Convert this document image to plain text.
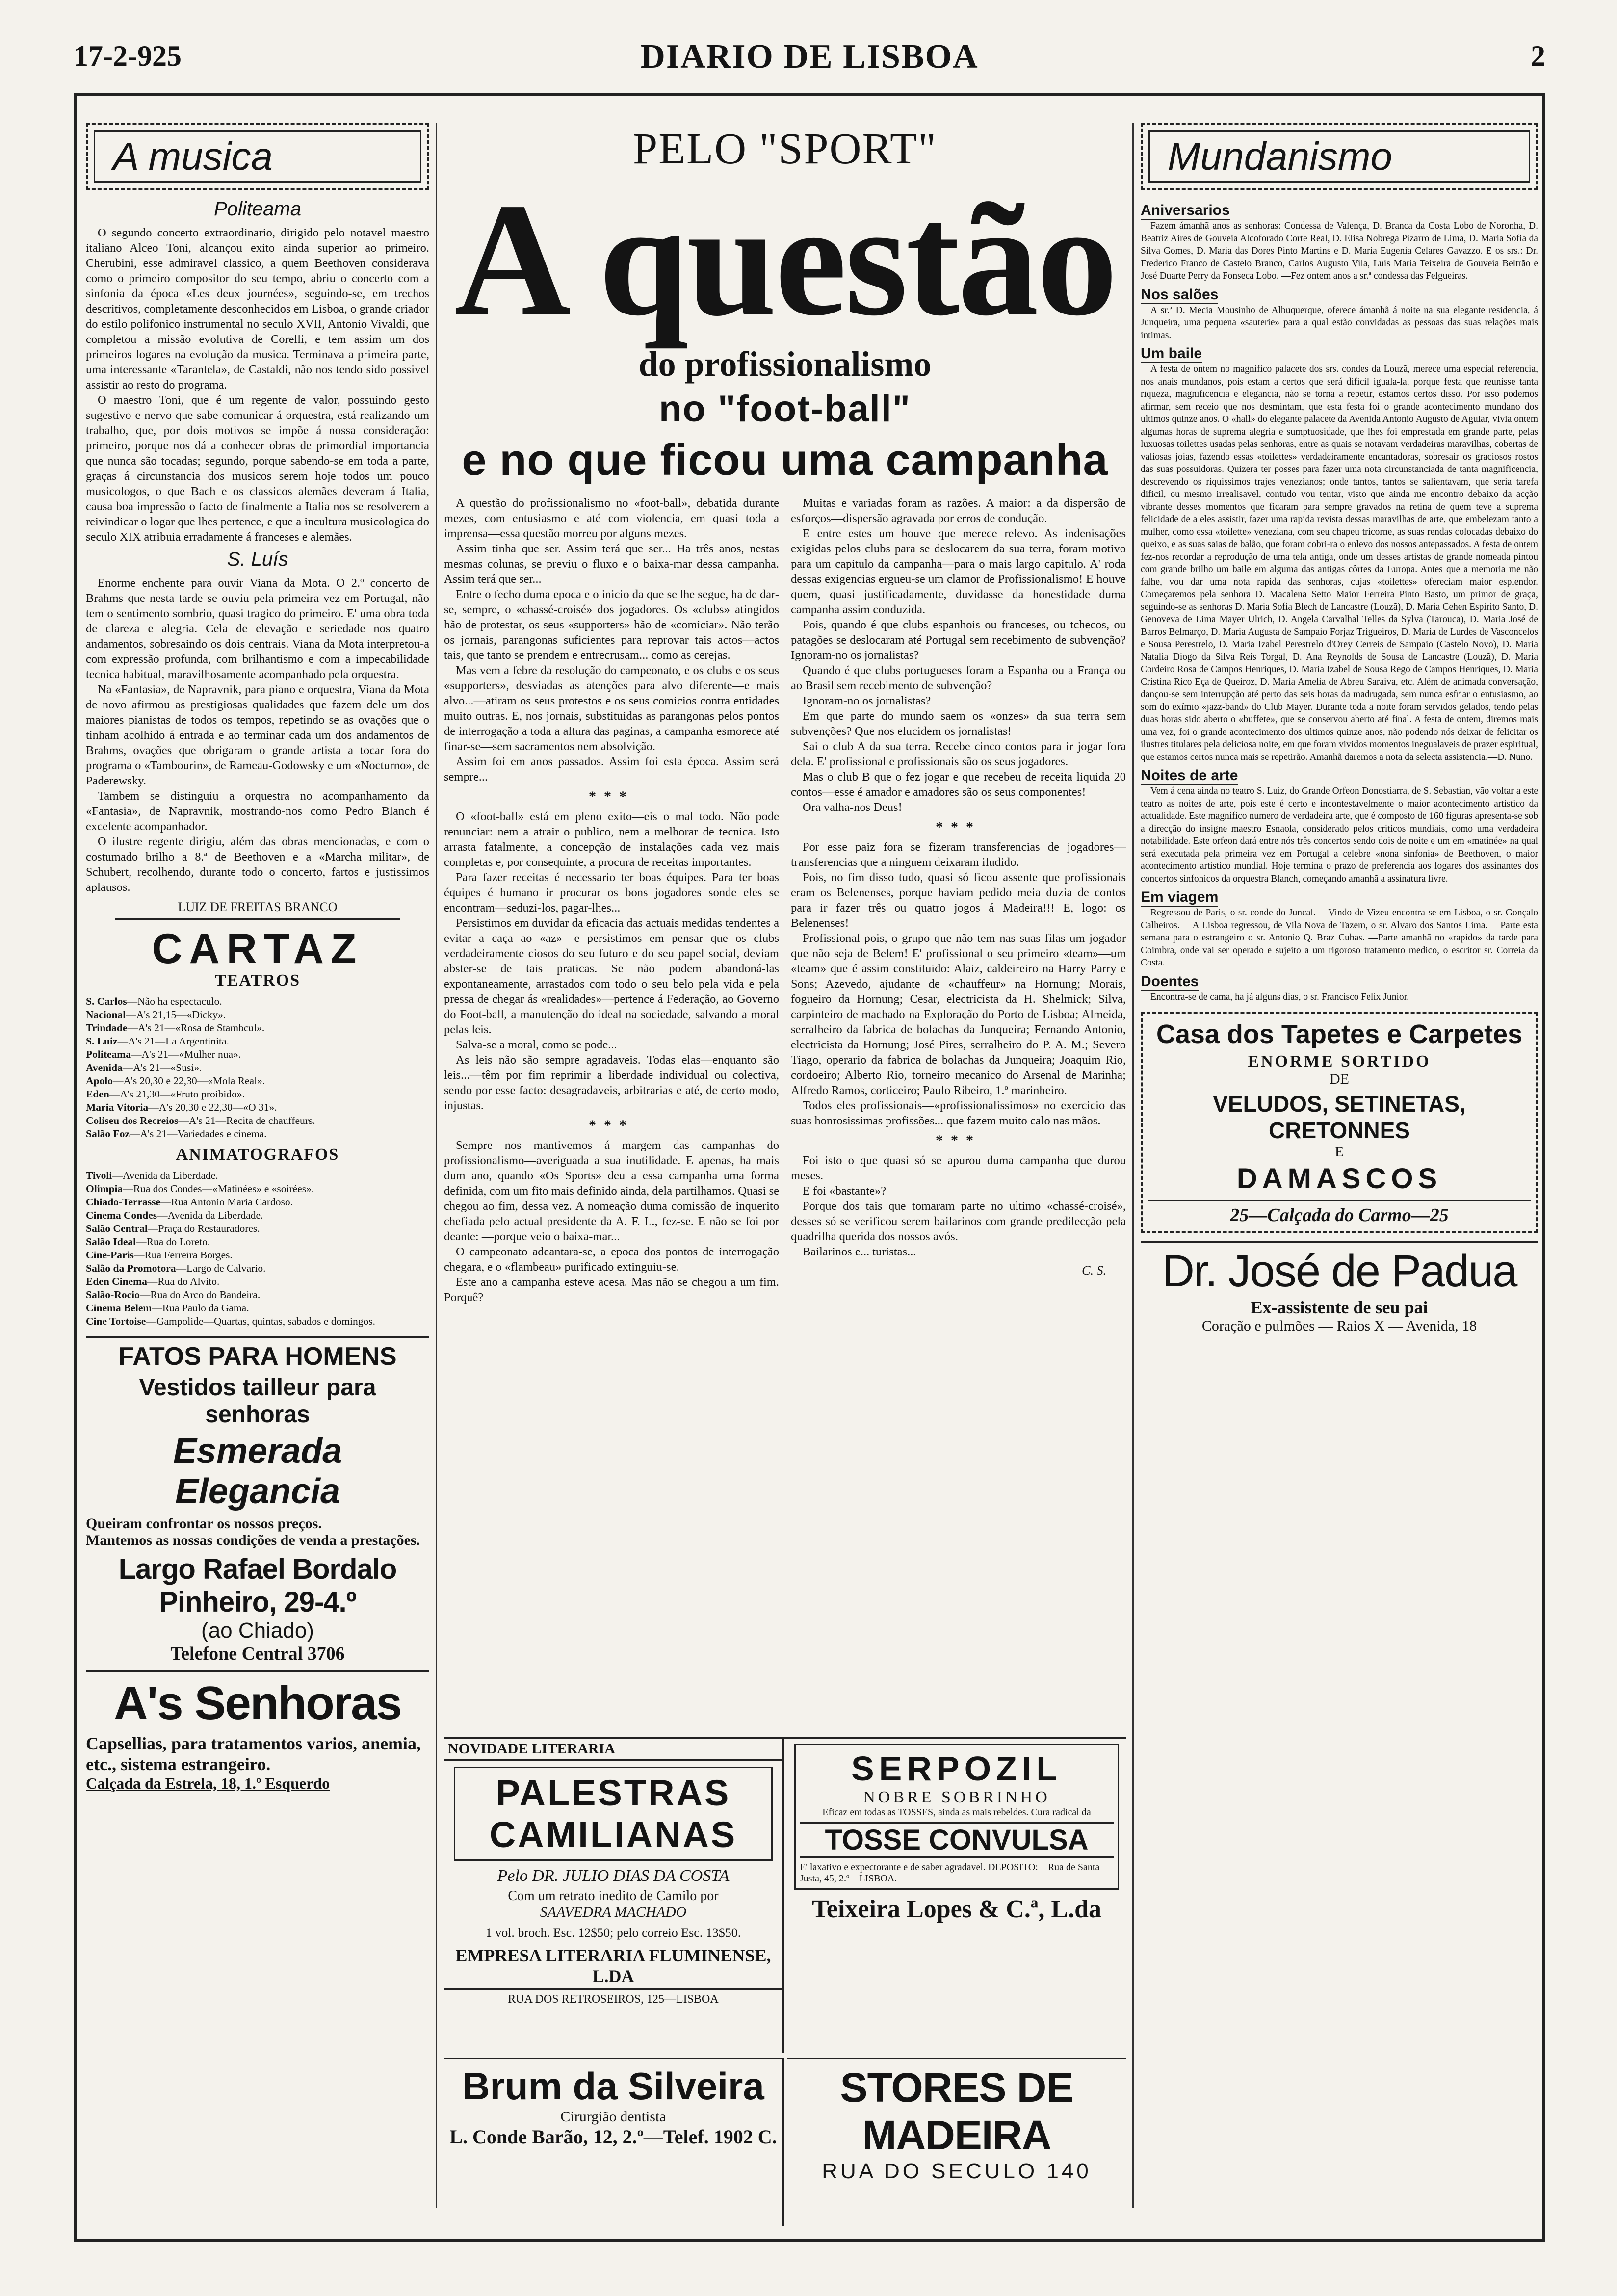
17-2-925	DIARIO DE LISBOA	2
A musica
Politeama

O segundo concerto extraordinario, dirigido pelo notavel maestro italiano Alceo Toni, alcançou exito ainda superior ao primeiro. Cherubini, esse admiravel classico, a quem Beethoven considerava como o primeiro compositor do seu tempo, abriu o concerto com a sinfonia da época «Les deux journées», seguindo-se, em trechos descritivos, completamente desconhecidos em Lisboa, o grande criador do estilo polifonico instrumental no seculo XVII, Antonio Vivaldi, que completou a missão evolutiva de Corelli, e tem assim um dos primeiros logares na evolução da musica. Terminava a primeira parte, uma interessante «Tarantela», de Castaldi, não nos tendo sido possivel assistir ao resto do programa.

O maestro Toni, que é um regente de valor, possuindo gesto sugestivo e nervo que sabe comunicar á orquestra, está realizando um trabalho, que, por dois motivos se impõe á nossa consideração: primeiro, porque nos dá a conhecer obras de primordial importancia que nunca são tocadas; segundo, porque sabendo-se em toda a parte, graças á circunstancia dos musicos serem hoje todos um pouco musicologos, o que Bach e os classicos alemães deveram á Italia, causa boa impressão o facto de finalmente a Italia nos se resolverem a reivindicar o logar que lhes pertence, e que a incultura musicologica do seculo XIX atribuia erradamente á franceses e alemães.

S. Luís

Enorme enchente para ouvir Viana da Mota. O 2.º concerto de Brahms que nesta tarde se ouviu pela primeira vez em Portugal, não tem o sentimento sombrio, quasi tragico do primeiro. E' uma obra toda de clareza e alegria. Cela de elevação e seriedade nos quatro andamentos, sobresaindo os dois centrais. Viana da Mota interpretou-a com expressão profunda, com brilhantismo e com a impecabilidade tecnica habitual, maravilhosamente acompanhado pela orquestra.

Na «Fantasia», de Napravnik, para piano e orquestra, Viana da Mota de novo afirmou as prestigiosas qualidades que fazem dele um dos maiores pianistas de todos os tempos, repetindo se as ovações que o tinham acolhido á entrada e ao terminar cada um dos andamentos de Brahms, ovações que obrigaram o grande artista a tocar fora do programa o «Tambourin», de Rameau-Godowsky e um «Nocturno», de Paderewsky.

Tambem se distinguiu a orquestra no acompanhamento da «Fantasia», de Napravnik, mostrando-nos como Pedro Blanch é excelente acompanhador.

O ilustre regente dirigiu, além das obras mencionadas, e com o costumado brilho a 8.ª de Beethoven e a «Marcha militar», de Schubert, recolhendo, durante todo o concerto, fartos e justissimos aplausos.

LUIZ DE FREITAS BRANCO
CARTAZ
TEATROS
S. Carlos—Não ha espectaculo.
Nacional—A's 21,15—«Dicky».
Trindade—A's 21—«Rosa de Stambcul».
S. Luiz—A's 21—La Argentinita.
Politeama—A's 21—«Mulher nua».
Avenida—A's 21—«Susi».
Apolo—A's 20,30 e 22,30—«Mola Real».
Eden—A's 21,30—«Fruto proibido».
Maria Vitoria—A's 20,30 e 22,30—«O 31».
Coliseu dos Recreios—A's 21—Recita de chauffeurs.
Salão Foz—A's 21—Variedades e cinema.
ANIMATOGRAFOS
Tivoli—Avenida da Liberdade.
Olimpia—Rua dos Condes—«Matinées» e «soirées».
Chiado-Terrasse—Rua Antonio Maria Cardoso.
Cinema Condes—Avenida da Liberdade.
Salão Central—Praça do Restauradores.
Salão Ideal—Rua do Loreto.
Cine-Paris—Rua Ferreira Borges.
Salão da Promotora—Largo de Calvario.
Eden Cinema—Rua do Alvito.
Salão-Rocio—Rua do Arco do Bandeira.
Cinema Belem—Rua Paulo da Gama.
Cine Tortoise—Gampolide—Quartas, quintas, sabados e domingos.
FATOS PARA HOMENS
Vestidos tailleur para senhoras
Esmerada Elegancia
Queiram confrontar os nossos preços.
Mantemos as nossas condições de venda a prestações.
Largo Rafael Bordalo Pinheiro, 29-4.º
(ao Chiado)
Telefone Central 3706
A's Senhoras
Capsellias, para tratamentos varios, anemia, etc., sistema estrangeiro.
Calçada da Estrela, 18, 1.º Esquerdo
PELO "SPORT"
A questão
do profissionalismo
no "foot-ball"
e no que ficou uma campanha

A questão do profissionalismo no «foot-ball», debatida durante mezes, com entusiasmo e até com violencia, em quasi toda a imprensa—essa questão morreu por alguns mezes.

Assim tinha que ser. Assim terá que ser... Ha três anos, nestas mesmas colunas, se previu o fluxo e o baixa-mar dessa campanha. Assim terá que ser...

Entre o fecho duma epoca e o inicio da que se lhe segue, ha de dar-se, sempre, o «chassé-croisé» dos jogadores. Os «clubs» atingidos hão de protestar, os seus «supporters» hão de «comiciar». Não terão os jornais, parangonas suficientes para reprovar tais actos—actos tais, que tanto se prendem e entrecrusam... como as cerejas.

Mas vem a febre da resolução do campeonato, e os clubs e os seus «supporters», desviadas as atenções para alvo diferente—e mais alvo...—atiram os seus protestos e os seus comicios contra entidades muito outras. E, nos jornais, substituidas as parangonas pelos pontos de interrogação a toda a altura das paginas, a campanha esmorece até finar-se—sem sacramentos nem absolvição.

Assim foi em anos passados. Assim foi esta época. Assim será sempre...

***

O «foot-ball» está em pleno exito—eis o mal todo. Não pode renunciar: nem a atrair o publico, nem a melhorar de tecnica. Isto arrasta fatalmente, a concepção de instalações cada vez mais completas e, por consequinte, a procura de receitas importantes.

Para fazer receitas é necessario ter boas équipes. Para ter boas équipes é humano ir procurar os bons jogadores sonde eles se encontram—seduzi-los, pagar-lhes...

Persistimos em duvidar da eficacia das actuais medidas tendentes a evitar a caça ao «az»—e persistimos em pensar que os clubs verdadeiramente ciosos do seu futuro e do seu papel social, deviam abster-se de tais praticas. Se não podem abandoná-las expontaneamente, arrastados com todo o seu belo pela vida e pela pressa de chegar ás «realidades»—pertence á Federação, ao Governo do Foot-ball, a manutenção do ideal na sociedade, salvando a moral pelas leis.

Salva-se a moral, como se pode...

As leis não são sempre agradaveis. Todas elas—enquanto são leis...—têm por fim reprimir a liberdade individual ou colectiva, sendo por esse facto: desagradaveis, arbitrarias e até, de certo modo, injustas.

***

Sempre nos mantivemos á margem das campanhas do profissionalismo—averiguada a sua inutilidade. E apenas, ha mais dum ano, quando «Os Sports» deu a essa campanha uma forma definida, com um fito mais definido ainda, dela partilhamos. Quasi se chegou ao fim, dessa vez. A nomeação duma comissão de inquerito chefiada pelo actual presidente da A. F. L., fez-se. E não se foi por deante: —porque veio o baixa-mar...

O campeonato adeantara-se, a epoca dos pontos de interrogação chegara, e o «flambeau» purificado extinguiu-se.

Este ano a campanha esteve acesa. Mas não se chegou a um fim. Porquê?

Muitas e variadas foram as razões. A maior: a da dispersão de esforços—dispersão agravada por erros de condução.

E entre estes um houve que merece relevo. As indenisações exigidas pelos clubs para se deslocarem da sua terra, foram motivo para um capitulo da campanha—para o mais largo capitulo. A' roda dessas exigencias ergueu-se um clamor de Profissionalismo! E houve quem, quasi justificadamente, duvidasse da honestidade duma campanha assim conduzida.

Pois, quando é que clubs espanhois ou franceses, ou tchecos, ou patagões se deslocaram até Portugal sem recebimento de subvenção? Ignoram-no os jornalistas?

Quando é que clubs portugueses foram a Espanha ou a França ou ao Brasil sem recebimento de subvenção?

Ignoram-no os jornalistas?

Em que parte do mundo saem os «onzes» da sua terra sem subvenções? Que nos elucidem os jornalistas!

Sai o club A da sua terra. Recebe cinco contos para ir jogar fora dela. E' profissional e profissionais são os seus jogadores.

Mas o club B que o fez jogar e que recebeu de receita liquida 20 contos—esse é amador e amadores são os seus componentes!

Ora valha-nos Deus!

***

Por esse paiz fora se fizeram transferencias de jogadores—transferencias que a ninguem deixaram iludido.

Pois, no fim disso tudo, quasi só ficou assente que profissionais eram os Belenenses, porque haviam pedido meia duzia de contos para ir fazer três ou quatro jogos á Madeira!!! E, logo: os Belenenses!

Profissional pois, o grupo que não tem nas suas filas um jogador que não seja de Belem! E' profissional o seu primeiro «team»—um «team» que é assim constituido: Alaiz, caldeireiro na Harry Parry e Sons; Azevedo, ajudante de «chauffeur» na Hornung; Morais, fogueiro da Hornung; Cesar, electricista da H. Shelmick; Silva, carpinteiro de machado na Exploração do Porto de Lisboa; Almeida, serralheiro da fabrica de bolachas da Junqueira; Fernando Antonio, electricista da Hornung; José Pires, serralheiro do P. A. M.; Severo Tiago, operario da fabrica de bolachas da Junqueira; Joaquim Rio, cordoeiro; Alberto Rio, torneiro mecanico do Arsenal de Marinha; Alfredo Ramos, corticeiro; Paulo Ribeiro, 1.º marinheiro.

Todos eles profissionais—«profissionalissimos» no exercicio das suas honrosissimas profissões... que fazem muito calo nas mãos.

***

Foi isto o que quasi só se apurou duma campanha que durou meses.

E foi «bastante»?

Porque dos tais que tomaram parte no ultimo «chassé-croisé», desses só se verificou serem bailarinos com grande predilecção pela quadrilha querida dos nossos avós.

Bailarinos e... turistas...

C. S.
NOVIDADE LITERARIA
PALESTRAS CAMILIANAS
Pelo DR. JULIO DIAS DA COSTA
Com um retrato inedito de Camilo por
SAAVEDRA MACHADO
1 vol. broch. Esc. 12$50; pelo correio Esc. 13$50.
EMPRESA LITERARIA FLUMINENSE, L.DA
RUA DOS RETROSEIROS, 125—LISBOA
Brum da Silveira
Cirurgião dentista
L. Conde Barão, 12, 2.º—Telef. 1902 C.
SERPOZIL
NOBRE SOBRINHO
Eficaz em todas as TOSSES, ainda as mais rebeldes. Cura radical da
TOSSE CONVULSA
E' laxativo e expectorante e de saber agradavel. DEPOSITO:—Rua de Santa Justa, 45, 2.º—LISBOA.
Teixeira Lopes & C.ª, L.da
STORES DE MADEIRA
RUA DO SECULO 140
Mundanismo
Aniversarios

Fazem ámanhã anos as senhoras: Condessa de Valença, D. Branca da Costa Lobo de Noronha, D. Beatriz Aires de Gouveia Alcoforado Corte Real, D. Elisa Nobrega Pizarro de Lima, D. Maria Sofia da Silva Gomes, D. Maria das Dores Pinto Martins e D. Maria Eugenia Celares Gavazzo. E os srs.: Dr. Frederico Franco de Castelo Branco, Carlos Augusto Vila, Luis Maria Teixeira de Gouveia Beltrão e José Duarte Perry da Fonseca Lobo. —Fez ontem anos a sr.ª condessa das Felgueiras.

Nos salões

A sr.ª D. Mecia Mousinho de Albuquerque, oferece ámanhã á noite na sua elegante residencia, á Junqueira, uma pequena «sauterie» para a qual estão convidadas as pessoas das suas relações mais intimas.

Um baile

A festa de ontem no magnifico palacete dos srs. condes da Louzã, merece uma especial referencia, nos anais mundanos, pois estam a certos que será dificil iguala-la, porque festa que reunisse tanta riqueza, magnificencia e elegancia, não se torna a repetir, estamos certos disso. Por isso podemos afirmar, sem receio que nos desmintam, que esta festa foi o grande acontecimento mundano dos ultimos quinze anos. O «hall» do elegante palacete da Avenida Antonio Augusto de Aguiar, vivia ontem algumas horas de suprema alegria e sumptuosidade, que lhes foi emprestada em grande parte, pelas luxuosas toilettes usadas pelas senhoras, entre as quais se notavam verdadeiras maravilhas, cobertas de valiosas joias, fazendo essas «toilettes» verdadeiramente encantadoras, sobresair os graciosos rostos das suas possuidoras. Quizera ter posses para fazer uma nota circunstanciada de tanta magnificencia, descrevendo os riquissimos trajes venezianos; onde tantos, tantos se salientavam, que seria tarefa dificil, ou mesmo irrealisavel, contudo vou tentar, visto que ainda me encontro debaixo da acção vibrante desses momentos que ficaram para sempre gravados na retina de quem teve a suprema felicidade de a eles assistir, fazer uma rapida revista dessas maravilhas de arte, que embelezam tanto a mulher, como essa «toilette» veneziana, com seu chapeu tricorne, as suas rendas colocadas debaixo do queixo, e as suas saias de balão, que foram cobri-ra o enlevo dos nossos antepassados. A festa de ontem fez-nos recordar a reprodução de uma tela antiga, onde um desses artistas de grande nomeada pintou com grande brilho um baile em alguma das antigas côrtes da Europa. Antes que a memoria me não falhe, vou dar uma nota rapida das senhoras, cujas «toilettes» ofereciam maior esplendor. Começaremos pela senhora D. Macalena Setto Maior Ferreira Pinto Basto, um primor de graça, seguindo-se as senhoras D. Maria Sofia Blech de Lancastre (Louzã), D. Maria Cehen Espirito Santo, D. Genoveva de Lima Mayer Ulrich, D. Angela Carvalhal Telles da Sylva (Tarouca), D. Maria José de Barros Belmarço, D. Maria Augusta de Sampaio Forjaz Trigueiros, D. Maria de Lurdes de Vasconcelos e Sousa Perestrelo, D. Maria Izabel Perestrelo d'Orey Cerreis de Sampaio (Castelo Novo), D. Maria Natalia Diogo da Silva Reis Torgal, D. Ana Reynolds de Sousa de Lancastre (Louzã), D. Maria Cordeiro Rosa de Campos Henriques, D. Maria Izabel de Sousa Rego de Campos Henriques, D. Maria Cristina Rico Eça de Queiroz, D. Maria Amelia de Abreu Saraiva, etc. Além de animada conversação, dançou-se sem interrupção até perto das seis horas da madrugada, sem nunca esfriar o entusiasmo, ao som do exímio «jazz-band» do Club Mayer. Durante toda a noite foram servidos gelados, tendo pelas duas horas sido aberto o «buffete», que se conservou aberto até final. A festa de ontem, diremos mais uma vez, foi o grande acontecimento dos ultimos quinze anos, não podendo nós deixar de felicitar os ilustres titulares pela deliciosa noite, em que foram vividos momentos inegualaveis de prazer espiritual, que estamos certos nunca mais se repetirão. Amanhã daremos a nota da selecta assistencia.—D. Nuno.

Noites de arte

Vem á cena ainda no teatro S. Luiz, do Grande Orfeon Donostiarra, de S. Sebastian, vão voltar a este teatro as noites de arte, pois este é certo e incontestavelmente o maior acontecimento artistico da actualidade. Este magnifico numero de verdadeira arte, que é composto de 160 figuras apresenta-se sob a direcção do insigne maestro Esnaola, considerado pelos criticos mundiais, como uma verdadeira notabilidade. Este orfeon dará entre nós três concertos sendo dois de noite e um em «matinée» na qual será executada pela primeira vez em Portugal a celebre «nona sinfonia» de Beethoven, o maior acontecimento artistico mundial. Hoje termina o prazo de preferencia aos logares dos assinantes dos concertos sinfonicos da orquestra Blanch, começando amanhã a assinatura livre.

Em viagem

Regressou de Paris, o sr. conde do Juncal. —Vindo de Vizeu encontra-se em Lisboa, o sr. Gonçalo Calheiros. —A Lisboa regressou, de Vila Nova de Tazem, o sr. Alvaro dos Santos Lima. —Parte esta semana para o estrangeiro o sr. Antonio Q. Braz Cubas. —Parte amanhã no «rapido» da tarde para Coimbra, onde vai ser operado e sujeito a um rigoroso tratamento medico, o escritor sr. Correia da Costa.

Doentes

Encontra-se de cama, ha já alguns dias, o sr. Francisco Felix Junior.

Casa dos Tapetes e Carpetes
ENORME SORTIDO
DE
VELUDOS, SETINETAS, CRETONNES
E
DAMASCOS
25—Calçada do Carmo—25
Dr. José de Padua
Ex-assistente de seu pai
Coração e pulmões — Raios X — Avenida, 18
